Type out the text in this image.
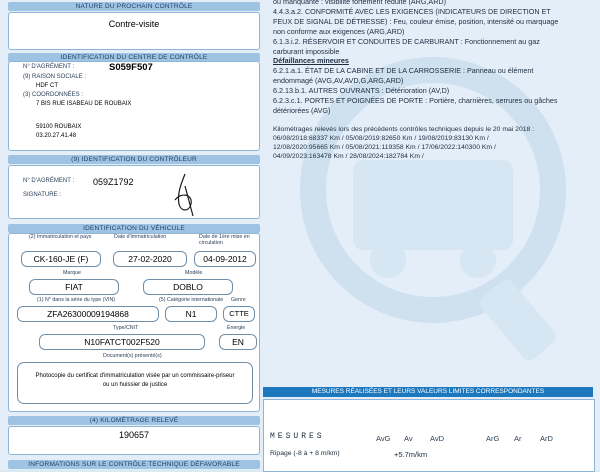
NATURE DU PROCHAIN CONTRÔLE
Contre-visite
IDENTIFICATION DU CENTRE DE CONTRÔLE
N° D'AGRÉMENT :	S059F507
(9) RAISON SOCIALE :
HDF CT
(3) COORDONNÉES :
7 BIS RUE ISABEAU DE ROUBAIX
59100 ROUBAIX
03.20.27.41.48
(9) IDENTIFICATION DU CONTRÔLEUR
N° D'AGRÉMENT : 059Z1792
SIGNATURE :
IDENTIFICATION DU VÉHICULE
(2) Immatriculation et pays	Date d'immatriculation	Date de 1ère mise en circulation
CK-160-JE (F)	27-02-2020	04-09-2012
Marque	Modèle
FIAT	DOBLO
(1) N° dans la série du type (VIN)	(5) Catégorie internationale Genre
ZFA26300009194868	N1	CTTE
Type/CNIT	Énergie
N10FATCT002F520	EN
Document(s) présenté(s)
Photocopie du certificat d'immatriculation visée par un commissaire-priseur
ou un huissier de justice
(4) KILOMÉTRAGE RELEVÉ
190657
INFORMATIONS SUR LE CONTRÔLE TECHNIQUE DÉFAVORABLE
ou manquante : visibilité fortement réduite (ARG,ARD)
4.4.3.a.2. CONFORMITÉ AVEC LES EXIGENCES (INDICATEURS DE DIRECTION ET
FEUX DE SIGNAL DE DÉTRESSE) : Feu, couleur émise, position, intensité ou marquage
non conforme aux exigences (ARG,ARD)
6.1.3.i.2. RÉSERVOIR ET CONDUITES DE CARBURANT : Fonctionnement au gaz
carburant impossible
Défaillances mineures
6.2.1.a.1. ÉTAT DE LA CABINE ET DE LA CARROSSERIE : Panneau ou élément
endommagé (AVG,AV,AVD,G,ARG,ARD)
6.2.13.b.1. AUTRES OUVRANTS : Détérioration (AV,D)
6.2.3.c.1. PORTES ET POIGNÉES DE PORTE : Portière, charnières, serrures ou gâches
détériorées (AVG)
Kilométrages relevés lors des précédents contrôles techniques depuis le 20 mai 2018 :
06/08/2018:68337 Km / 05/08/2019:82650 Km / 19/08/2019:83130 Km /
12/08/2020:95665 Km / 05/08/2021:119358 Km / 17/06/2022:140300 Km /
04/09/2023:163478 Km / 28/08/2024:182784 Km /
MESURES RÉALISÉES ET LEURS VALEURS LIMITES CORRESPONDANTES
MESURES	AvG Av AvD	ArG Ar ArD
Ripage (-8 à + 8 m/km)	+5.7m/km
